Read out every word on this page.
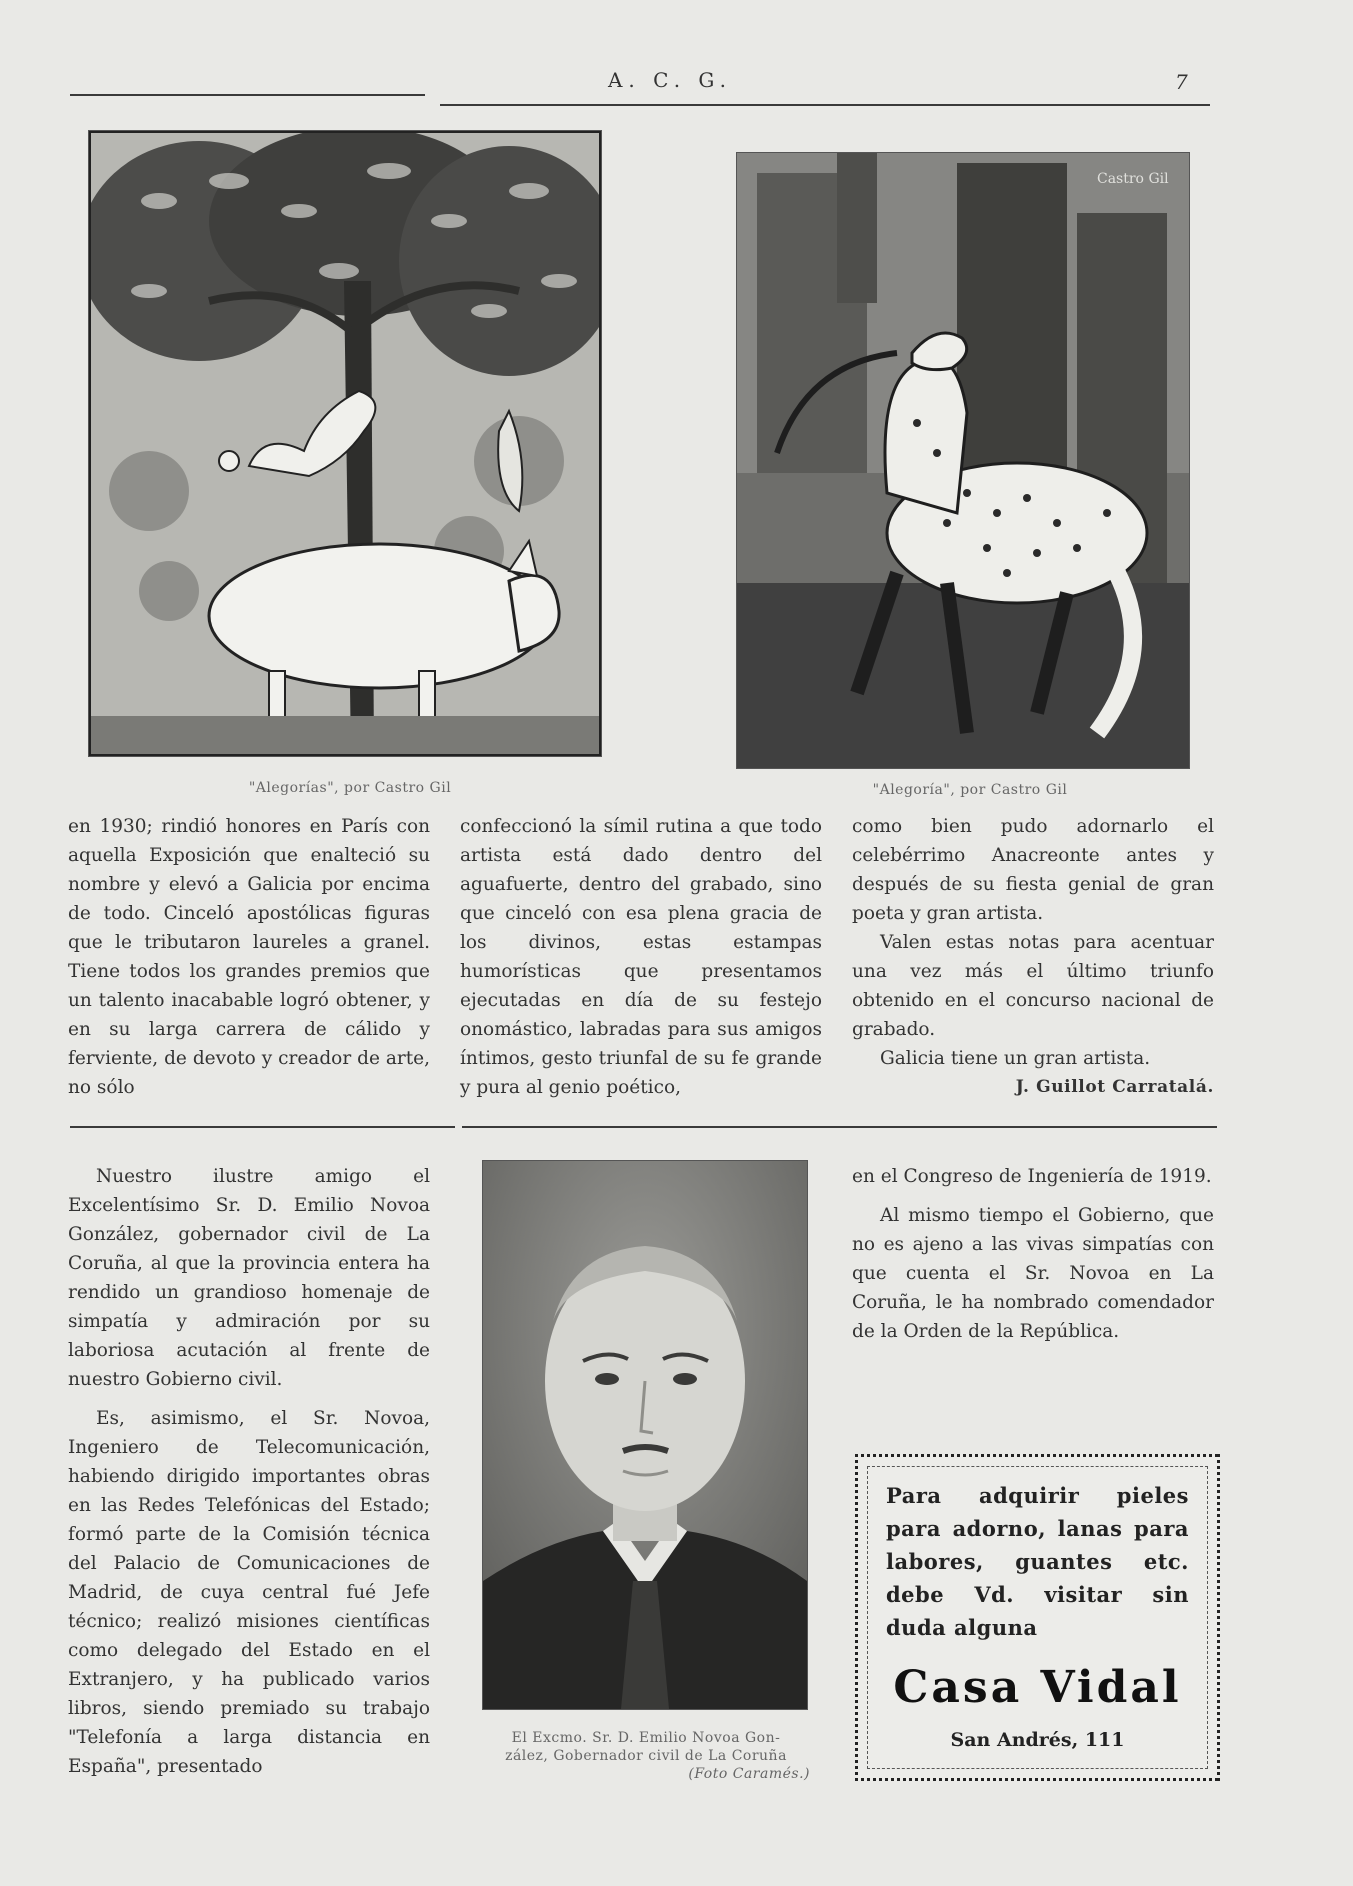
A. C. G.	7
"Alegorías", por Castro Gil
Castro Gil
"Alegoría", por Castro Gil

en 1930; rindió honores en París con aquella Exposición que enalteció su nombre y elevó a Galicia por encima de todo. Cinceló apostólicas figuras que le tributaron laureles a granel. Tiene todos los grandes premios que un talento inacabable logró obtener, y en su larga carrera de cálido y ferviente, de devoto y creador de arte, no sólo

confeccionó la símil rutina a que todo artista está dado dentro del aguafuerte, dentro del grabado, sino que cinceló con esa plena gracia de los divinos, estas estampas humorísticas que presentamos ejecutadas en día de su festejo onomástico, labradas para sus amigos íntimos, gesto triunfal de su fe grande y pura al genio poético,

como bien pudo adornarlo el celebérrimo Anacreonte antes y después de su fiesta genial de gran poeta y gran artista.

Valen estas notas para acentuar una vez más el último triunfo obtenido en el concurso nacional de grabado.

Galicia tiene un gran artista.

J. Guillot Carratalá.

Nuestro ilustre amigo el Excelentísimo Sr. D. Emilio Novoa González, gobernador civil de La Coruña, al que la provincia entera ha rendido un grandioso homenaje de simpatía y admiración por su laboriosa acutación al frente de nuestro Gobierno civil.

Es, asimismo, el Sr. Novoa, Ingeniero de Telecomunicación, habiendo dirigido importantes obras en las Redes Telefónicas del Estado; formó parte de la Comisión técnica del Palacio de Comunicaciones de Madrid, de cuya central fué Jefe técnico; realizó misiones científicas como delegado del Estado en el Extranjero, y ha publicado varios libros, siendo premiado su trabajo "Telefonía a larga distancia en España", presentado

El Excmo. Sr. D. Emilio Novoa Gon-
zález, Gobernador civil de La Coruña
(Foto Caramés.)

en el Congreso de Ingeniería de 1919.

Al mismo tiempo el Gobierno, que no es ajeno a las vivas simpatías con que cuenta el Sr. Novoa en La Coruña, le ha nombrado comendador de la Orden de la República.

Para adquirir pieles para adorno, lanas para labores, guantes etc. debe Vd. visitar sin duda alguna
Casa Vidal
San Andrés, 111
